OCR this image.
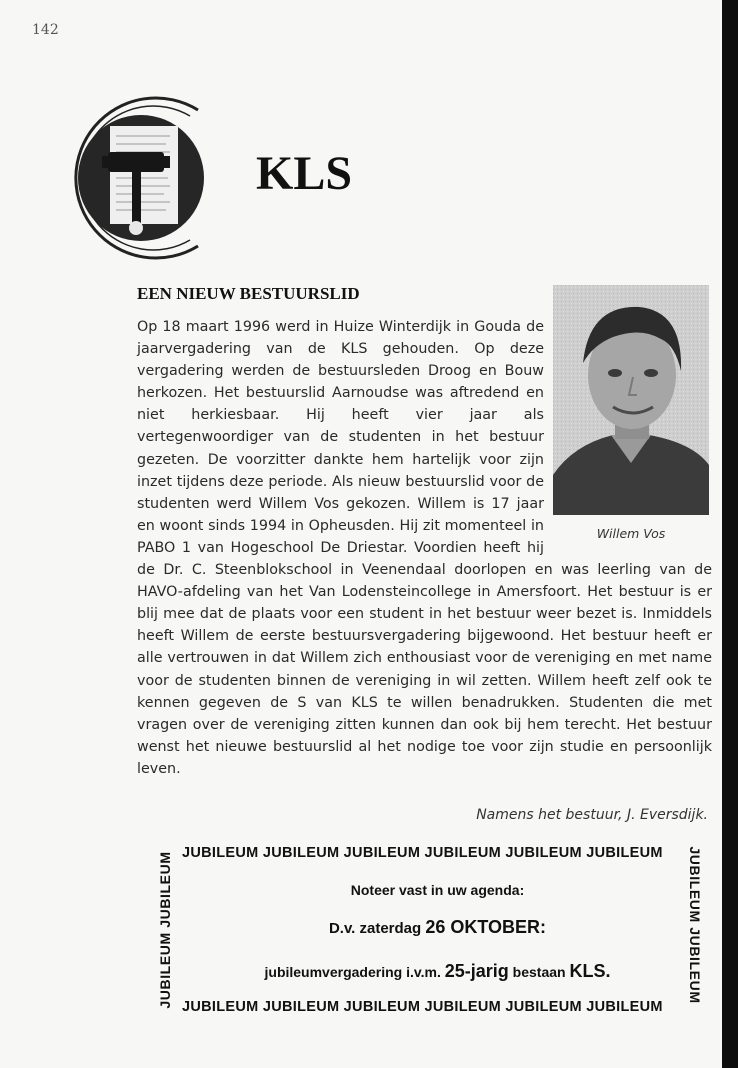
142
KLS
EEN NIEUW BESTUURSLID
Willem Vos
Op 18 maart 1996 werd in Huize Winterdijk in Gouda de jaarvergadering van de KLS gehouden. Op deze vergadering werden de bestuursleden Droog en Bouw herkozen. Het bestuurslid Aarnoudse was aftredend en niet herkiesbaar. Hij heeft vier jaar als vertegenwoordiger van de studenten in het bestuur gezeten. De voorzitter dankte hem hartelijk voor zijn inzet tijdens deze periode. Als nieuw bestuurslid voor de studenten werd Willem Vos gekozen. Willem is 17 jaar en woont sinds 1994 in Opheusden. Hij zit momenteel in PABO 1 van Hogeschool De Driestar. Voordien heeft hij de Dr. C. Steenblokschool in Veenendaal doorlopen en was leerling van de HAVO-afdeling van het Van Lodensteincollege in Amersfoort. Het bestuur is er blij mee dat de plaats voor een student in het bestuur weer bezet is. Inmiddels heeft Willem de eerste bestuursvergadering bijgewoond. Het bestuur heeft er alle vertrouwen in dat Willem zich enthousiast voor de vereniging en met name voor de studenten binnen de vereniging in wil zetten. Willem heeft zelf ook te kennen gegeven de S van KLS te willen benadrukken. Studenten die met vragen over de vereniging zitten kunnen dan ook bij hem terecht. Het bestuur wenst het nieuwe bestuurslid al het nodige toe voor zijn studie en persoonlijk leven.
Namens het bestuur, J. Eversdijk.
JUBILEUM JUBILEUM JUBILEUM JUBILEUM JUBILEUM JUBILEUM
JUBILEUM JUBILEUM	JUBILEUM JUBILEUM
JUBILEUM JUBILEUM JUBILEUM JUBILEUM JUBILEUM JUBILEUM
Noteer vast in uw agenda:
D.v. zaterdag 26 OKTOBER:
jubileumvergadering i.v.m. 25-jarig bestaan KLS.
